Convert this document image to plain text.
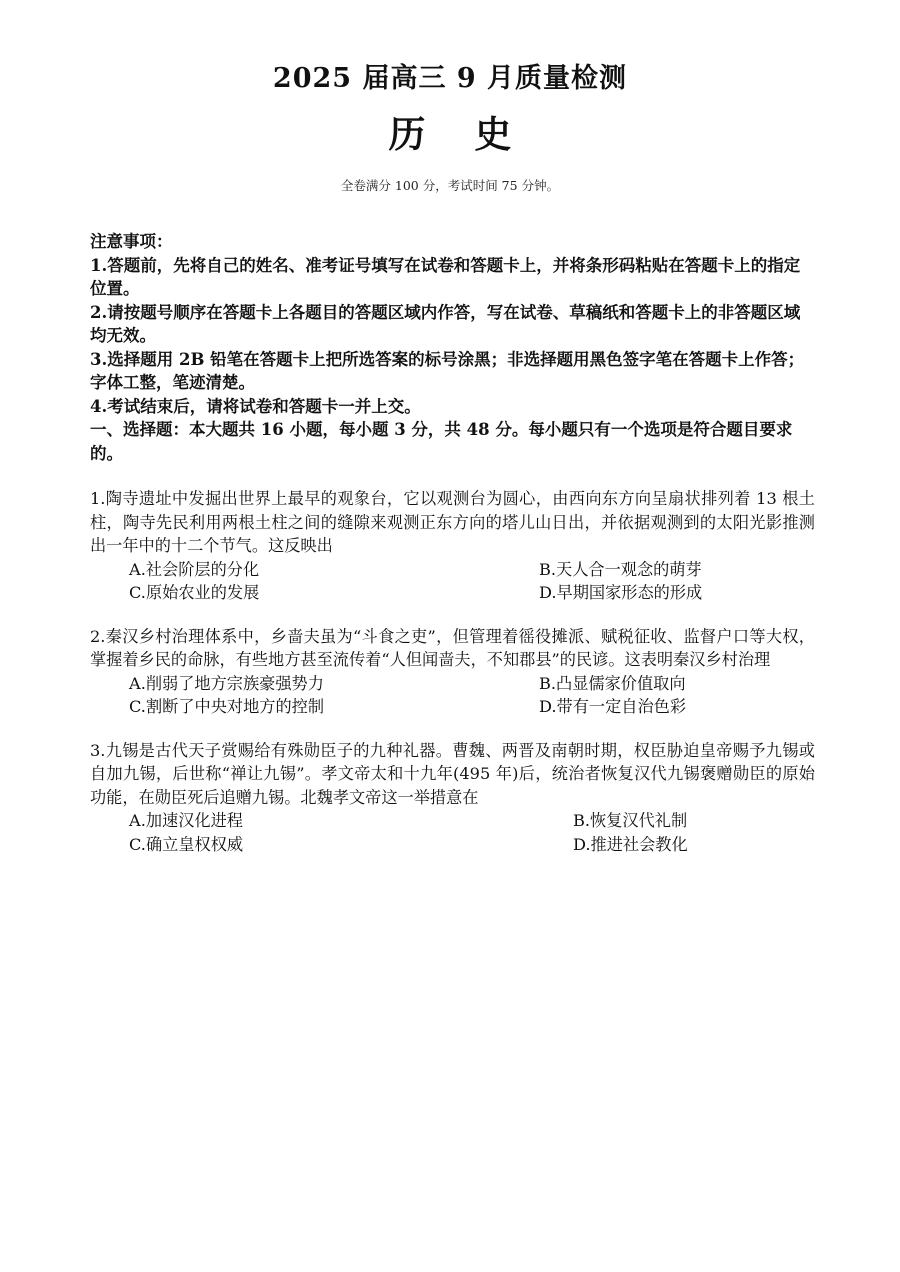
2025 届高三 9 月质量检测
历 史
全卷满分 100 分，考试时间 75 分钟。
注意事项：
1.答题前，先将自己的姓名、准考证号填写在试卷和答题卡上，并将条形码粘贴在答题卡上的指定位置。
2.请按题号顺序在答题卡上各题目的答题区域内作答，写在试卷、草稿纸和答题卡上的非答题区域均无效。
3.选择题用 2B 铅笔在答题卡上把所选答案的标号涂黑；非选择题用黑色签字笔在答题卡上作答；字体工整，笔迹清楚。
4.考试结束后，请将试卷和答题卡一并上交。
一、选择题：本大题共 16 小题，每小题 3 分，共 48 分。每小题只有一个选项是符合题目要求的。
1.陶寺遗址中发掘出世界上最早的观象台，它以观测台为圆心，由西向东方向呈扇状排列着 13 根土柱，陶寺先民利用两根土柱之间的缝隙来观测正东方向的塔儿山日出，并依据观测到的太阳光影推测出一年中的十二个节气。这反映出
A.社会阶层的分化	B.天人合一观念的萌芽
C.原始农业的发展	D.早期国家形态的形成
2.秦汉乡村治理体系中，乡啬夫虽为“斗食之吏”，但管理着徭役摊派、赋税征收、监督户口等大权，掌握着乡民的命脉，有些地方甚至流传着“人但闻啬夫，不知郡县”的民谚。这表明秦汉乡村治理
A.削弱了地方宗族豪强势力	B.凸显儒家价值取向
C.割断了中央对地方的控制	D.带有一定自治色彩
3.九锡是古代天子赏赐给有殊勋臣子的九种礼器。曹魏、两晋及南朝时期，权臣胁迫皇帝赐予九锡或自加九锡，后世称“禅让九锡”。孝文帝太和十九年(495 年)后，统治者恢复汉代九锡褒赠勋臣的原始功能，在勋臣死后追赠九锡。北魏孝文帝这一举措意在
A.加速汉化进程	B.恢复汉代礼制
C.确立皇权权威	D.推进社会教化
